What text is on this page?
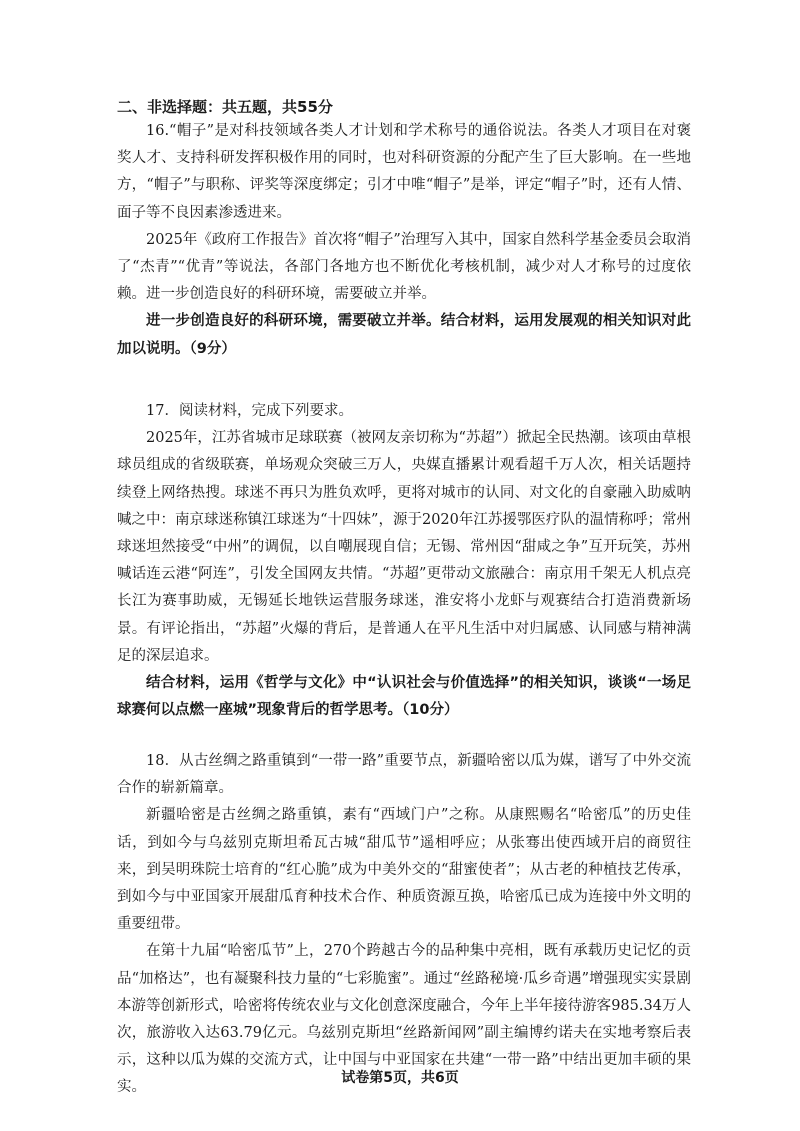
二、非选择题：共五题，共55分

16.“帽子”是对科技领域各类人才计划和学术称号的通俗说法。各类人才项目在对褒奖人才、支持科研发挥积极作用的同时，也对科研资源的分配产生了巨大影响。在一些地方，“帽子”与职称、评奖等深度绑定；引才中唯“帽子”是举，评定“帽子”时，还有人情、面子等不良因素渗透进来。

2025年《政府工作报告》首次将“帽子”治理写入其中，国家自然科学基金委员会取消了“杰青”“优青”等说法，各部门各地方也不断优化考核机制，减少对人才称号的过度依赖。进一步创造良好的科研环境，需要破立并举。

进一步创造良好的科研环境，需要破立并举。结合材料，运用发展观的相关知识对此加以说明。（9分）

17．阅读材料，完成下列要求。

2025年，江苏省城市足球联赛（被网友亲切称为“苏超”）掀起全民热潮。该项由草根球员组成的省级联赛，单场观众突破三万人，央媒直播累计观看超千万人次，相关话题持续登上网络热搜。球迷不再只为胜负欢呼，更将对城市的认同、对文化的自豪融入助威呐喊之中：南京球迷称镇江球迷为“十四妹”，源于2020年江苏援鄂医疗队的温情称呼；常州球迷坦然接受“中州”的调侃，以自嘲展现自信；无锡、常州因“甜咸之争”互开玩笑，苏州喊话连云港“阿连”，引发全国网友共情。“苏超”更带动文旅融合：南京用千架无人机点亮长江为赛事助威，无锡延长地铁运营服务球迷，淮安将小龙虾与观赛结合打造消费新场景。有评论指出，“苏超”火爆的背后，是普通人在平凡生活中对归属感、认同感与精神满足的深层追求。

结合材料，运用《哲学与文化》中“认识社会与价值选择”的相关知识，谈谈“一场足球赛何以点燃一座城”现象背后的哲学思考。（10分）

18．从古丝绸之路重镇到“一带一路”重要节点，新疆哈密以瓜为媒，谱写了中外交流合作的崭新篇章。

新疆哈密是古丝绸之路重镇，素有“西域门户”之称。从康熙赐名“哈密瓜”的历史佳话，到如今与乌兹别克斯坦希瓦古城“甜瓜节”遥相呼应；从张骞出使西域开启的商贸往来，到吴明珠院士培育的“红心脆”成为中美外交的“甜蜜使者”；从古老的种植技艺传承，到如今与中亚国家开展甜瓜育种技术合作、种质资源互换，哈密瓜已成为连接中外文明的重要纽带。

在第十九届“哈密瓜节”上，270个跨越古今的品种集中亮相，既有承载历史记忆的贡品“加格达”，也有凝聚科技力量的“七彩脆蜜”。通过“丝路秘境·瓜乡奇遇”增强现实实景剧本游等创新形式，哈密将传统农业与文化创意深度融合，今年上半年接待游客985.34万人次，旅游收入达63.79亿元。乌兹别克斯坦“丝路新闻网”副主编博约诺夫在实地考察后表示，这种以瓜为媒的交流方式，让中国与中亚国家在共建“一带一路”中结出更加丰硕的果实。

试卷第5页，共6页
